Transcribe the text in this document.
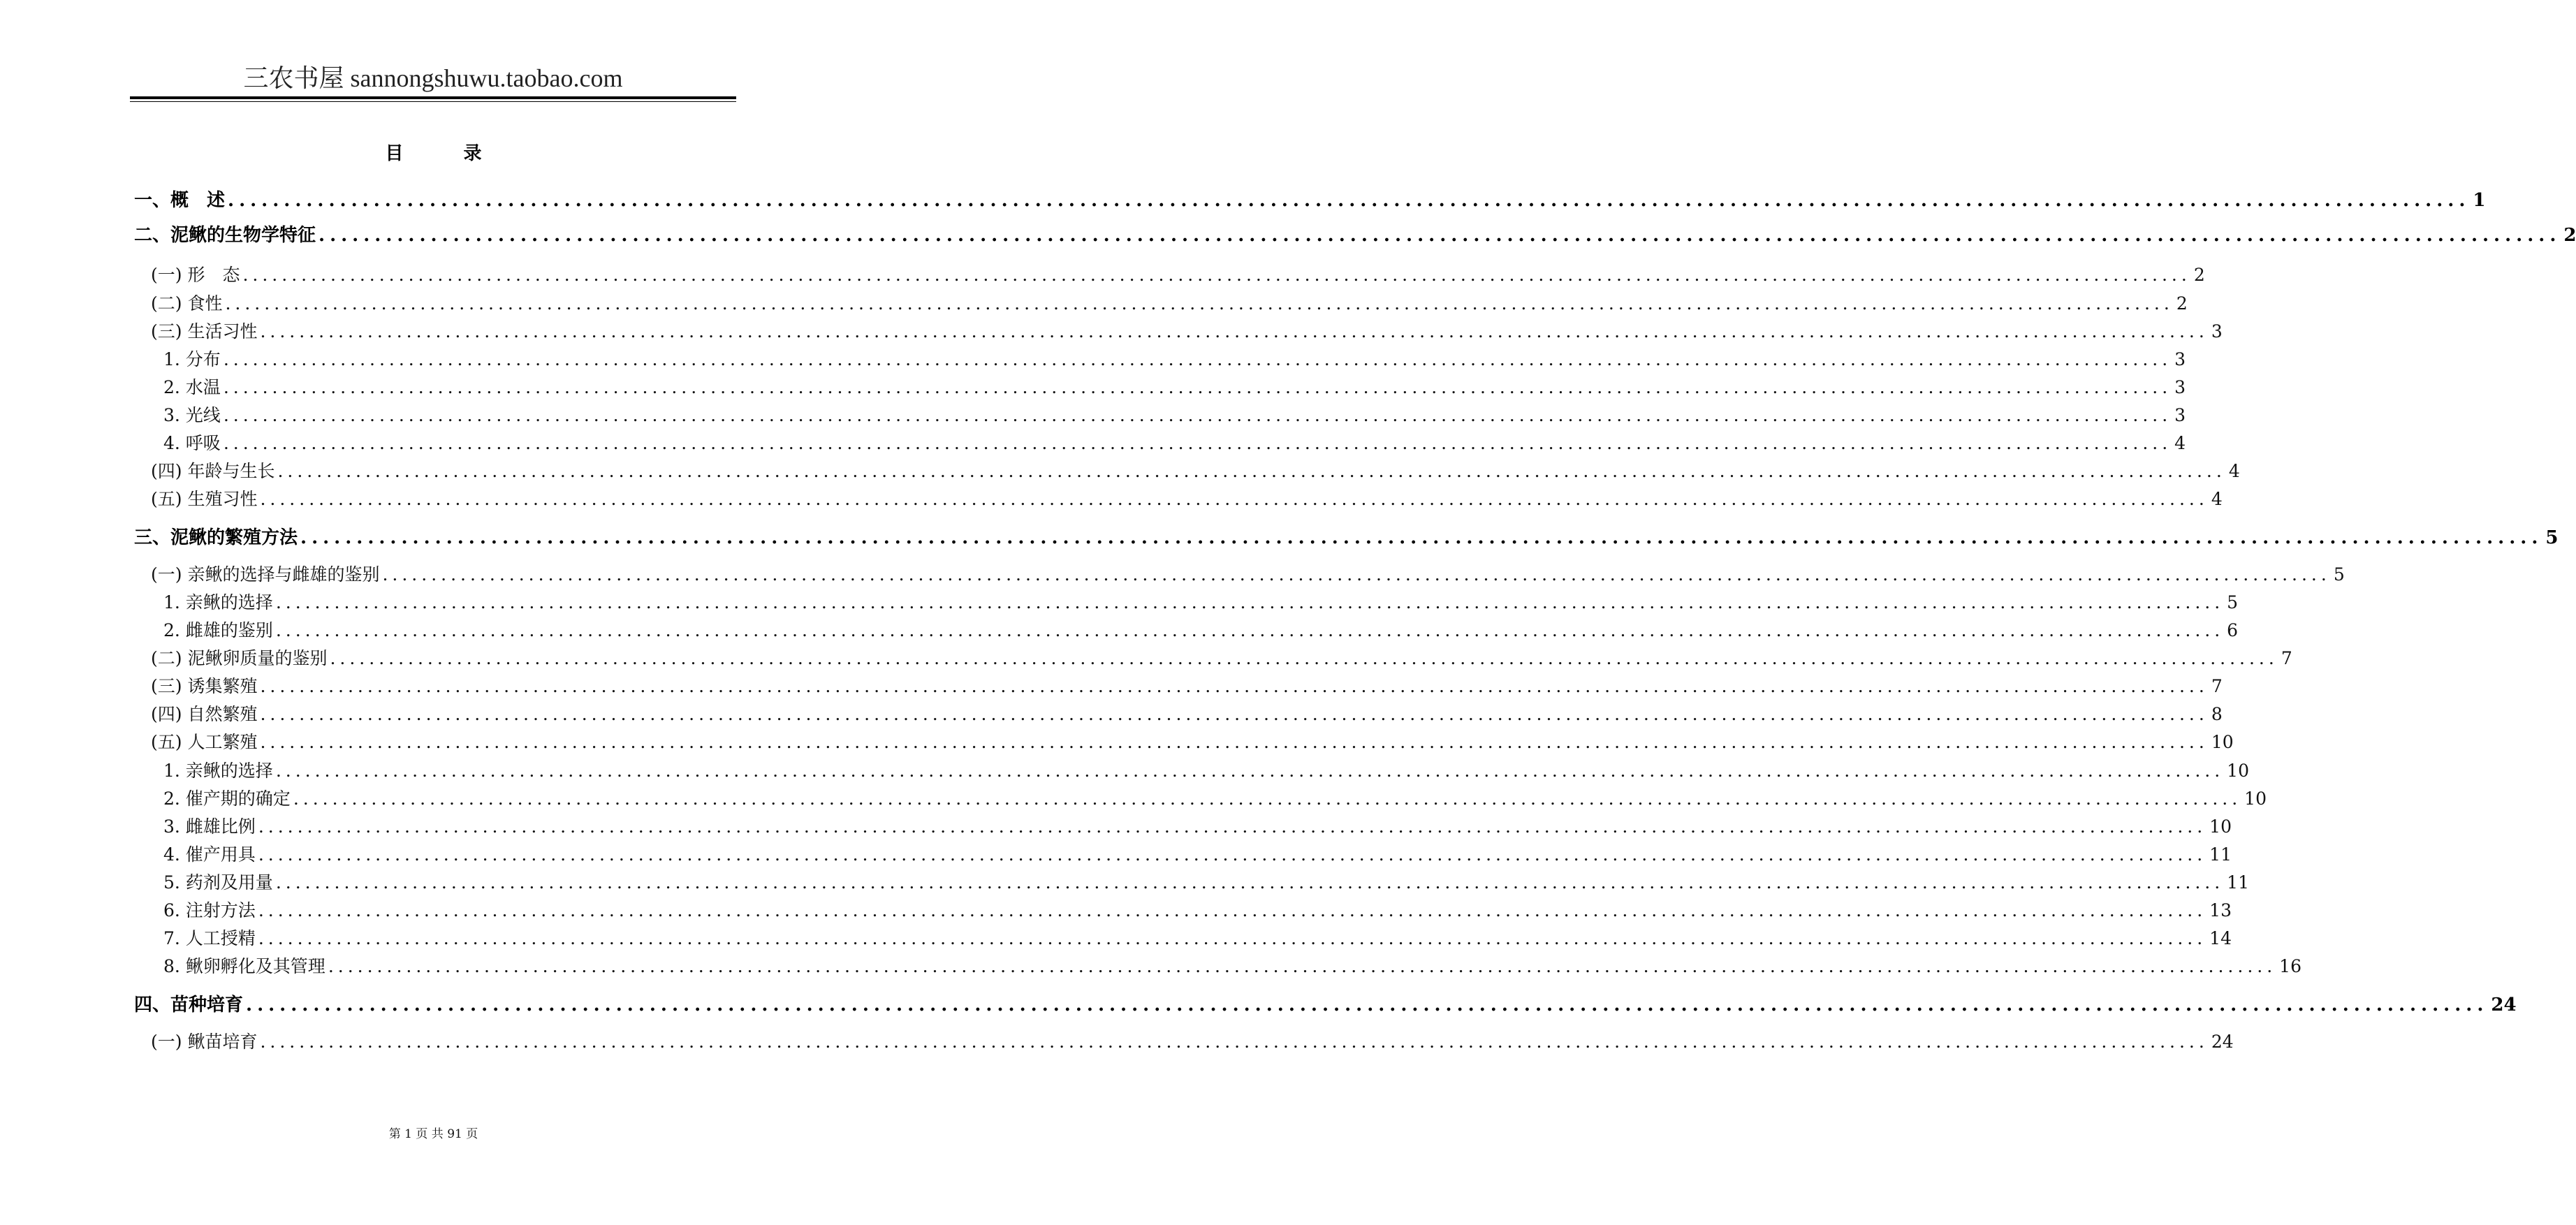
三农书屋 sannongshuwu.taobao.com
目　录
一、概　述 ........................................................................................................................................................................................................ 1
二、泥鳅的生物学特征 ........................................................................................................................................................................................................ 2
(一) 形　态 ........................................................................................................................................................................................................ 2
(二) 食性 ........................................................................................................................................................................................................ 2
(三) 生活习性 ........................................................................................................................................................................................................ 3
1. 分布 ........................................................................................................................................................................................................ 3
2. 水温 ........................................................................................................................................................................................................ 3
3. 光线 ........................................................................................................................................................................................................ 3
4. 呼吸 ........................................................................................................................................................................................................ 4
(四) 年龄与生长 ........................................................................................................................................................................................................ 4
(五) 生殖习性 ........................................................................................................................................................................................................ 4
三、泥鳅的繁殖方法 ........................................................................................................................................................................................................ 5
(一) 亲鳅的选择与雌雄的鉴别 ........................................................................................................................................................................................................ 5
1. 亲鳅的选择 ........................................................................................................................................................................................................ 5
2. 雌雄的鉴别 ........................................................................................................................................................................................................ 6
(二) 泥鳅卵质量的鉴别 ........................................................................................................................................................................................................ 7
(三) 诱集繁殖 ........................................................................................................................................................................................................ 7
(四) 自然繁殖 ........................................................................................................................................................................................................ 8
(五) 人工繁殖 ........................................................................................................................................................................................................ 10
1. 亲鳅的选择 ........................................................................................................................................................................................................ 10
2. 催产期的确定 ........................................................................................................................................................................................................ 10
3. 雌雄比例 ........................................................................................................................................................................................................ 10
4. 催产用具 ........................................................................................................................................................................................................ 11
5. 药剂及用量 ........................................................................................................................................................................................................ 11
6. 注射方法 ........................................................................................................................................................................................................ 13
7. 人工授精 ........................................................................................................................................................................................................ 14
8. 鳅卵孵化及其管理 ........................................................................................................................................................................................................ 16
四、苗种培育 ........................................................................................................................................................................................................ 24
(一) 鳅苗培育 ........................................................................................................................................................................................................ 24
第 1 页 共 91 页
